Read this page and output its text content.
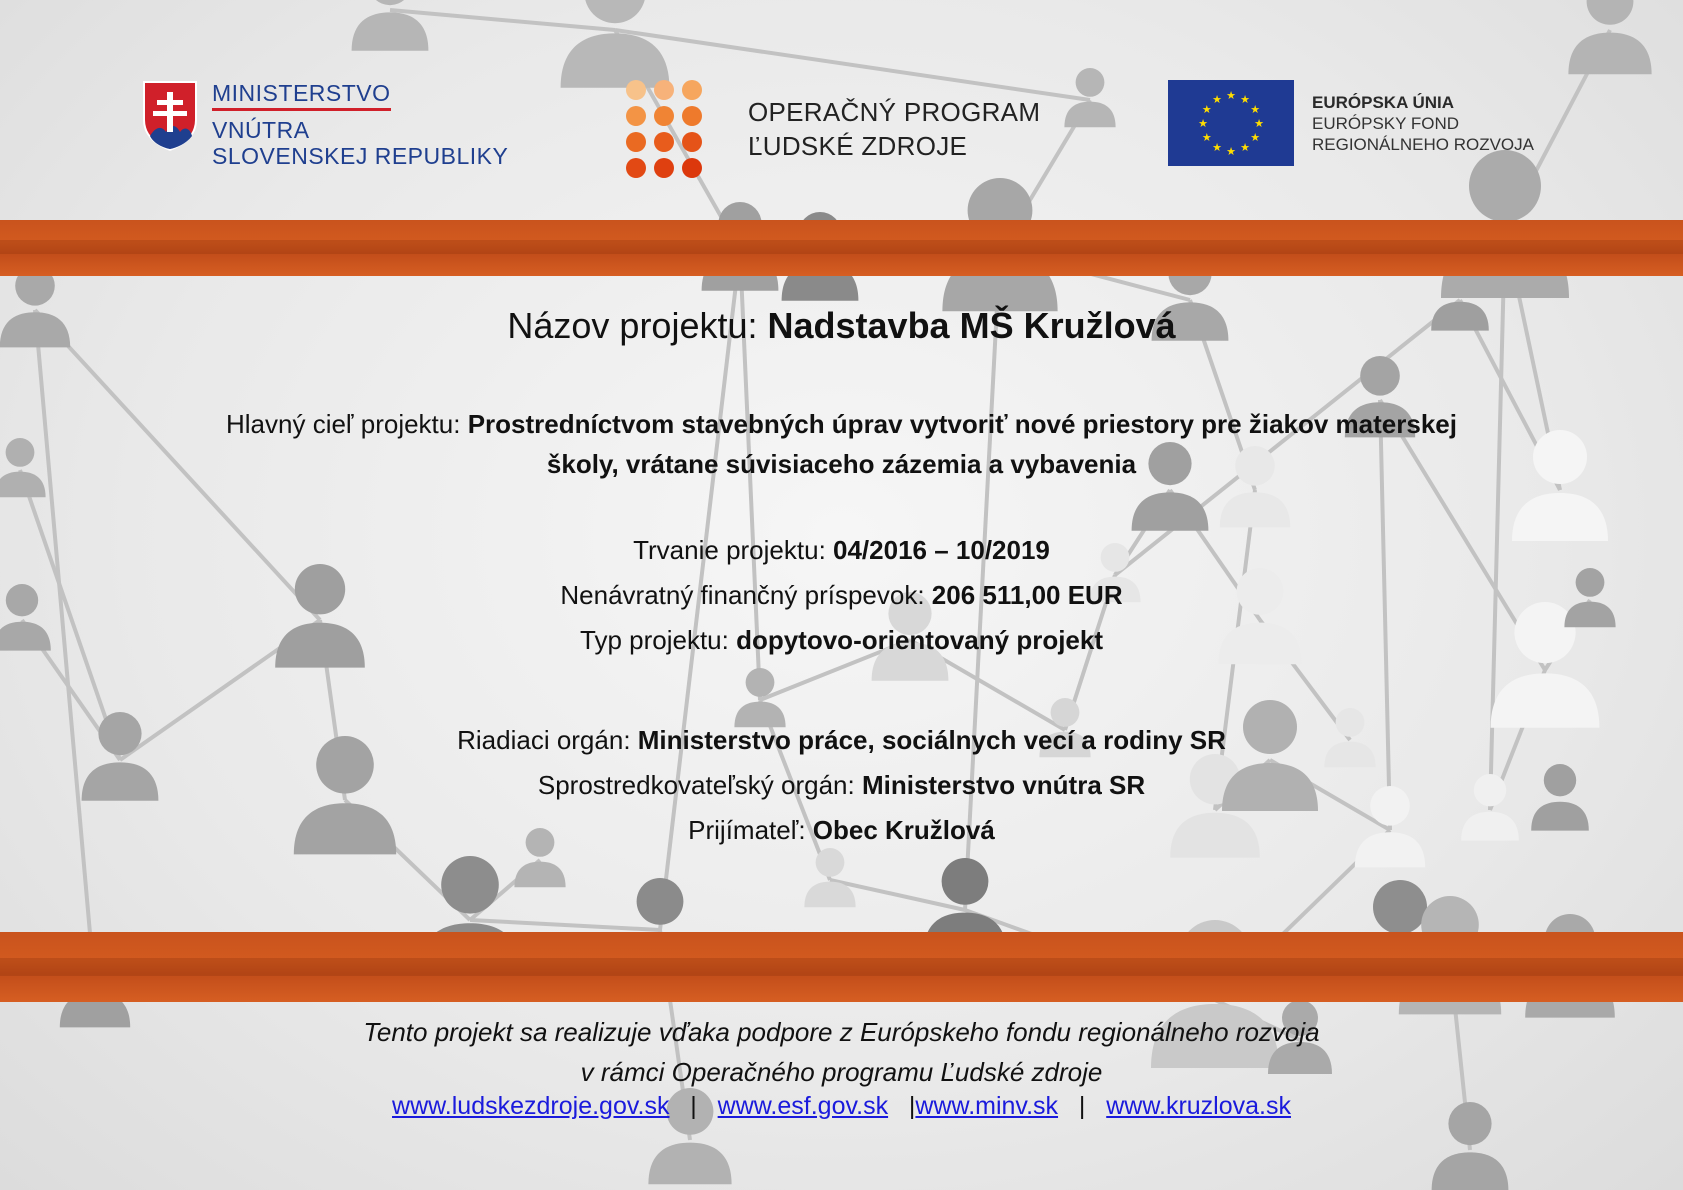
MINISTERSTVO
VNÚTRA
SLOVENSKEJ REPUBLIKY
OPERAČNÝ PROGRAM
ĽUDSKÉ ZDROJE
★
★
★
★
★
★
★
★
★ ★ ★
★	EURÓPSKA ÚNIA
EURÓPSKY FOND
REGIONÁLNEHO ROZVOJA
Názov projektu: Nadstavba MŠ Kružlová
Hlavný cieľ projektu: Prostredníctvom stavebných úprav vytvoriť nové priestory pre žiakov materskej
školy, vrátane súvisiaceho zázemia a vybavenia
Trvanie projektu: 04/2016 – 10/2019
Nenávratný finančný príspevok: 206 511,00 EUR
Typ projektu: dopytovo-orientovaný projekt
Riadiaci orgán: Ministerstvo práce, sociálnych vecí a rodiny SR
Sprostredkovateľský orgán: Ministerstvo vnútra SR
Prijímateľ: Obec Kružlová
Tento projekt sa realizuje vďaka podpore z Európskeho fondu regionálneho rozvoja
v rámci Operačného programu Ľudské zdroje
www.ludskezdroje.gov.sk | www.esf.gov.sk |www.minv.sk | www.kruzlova.sk
